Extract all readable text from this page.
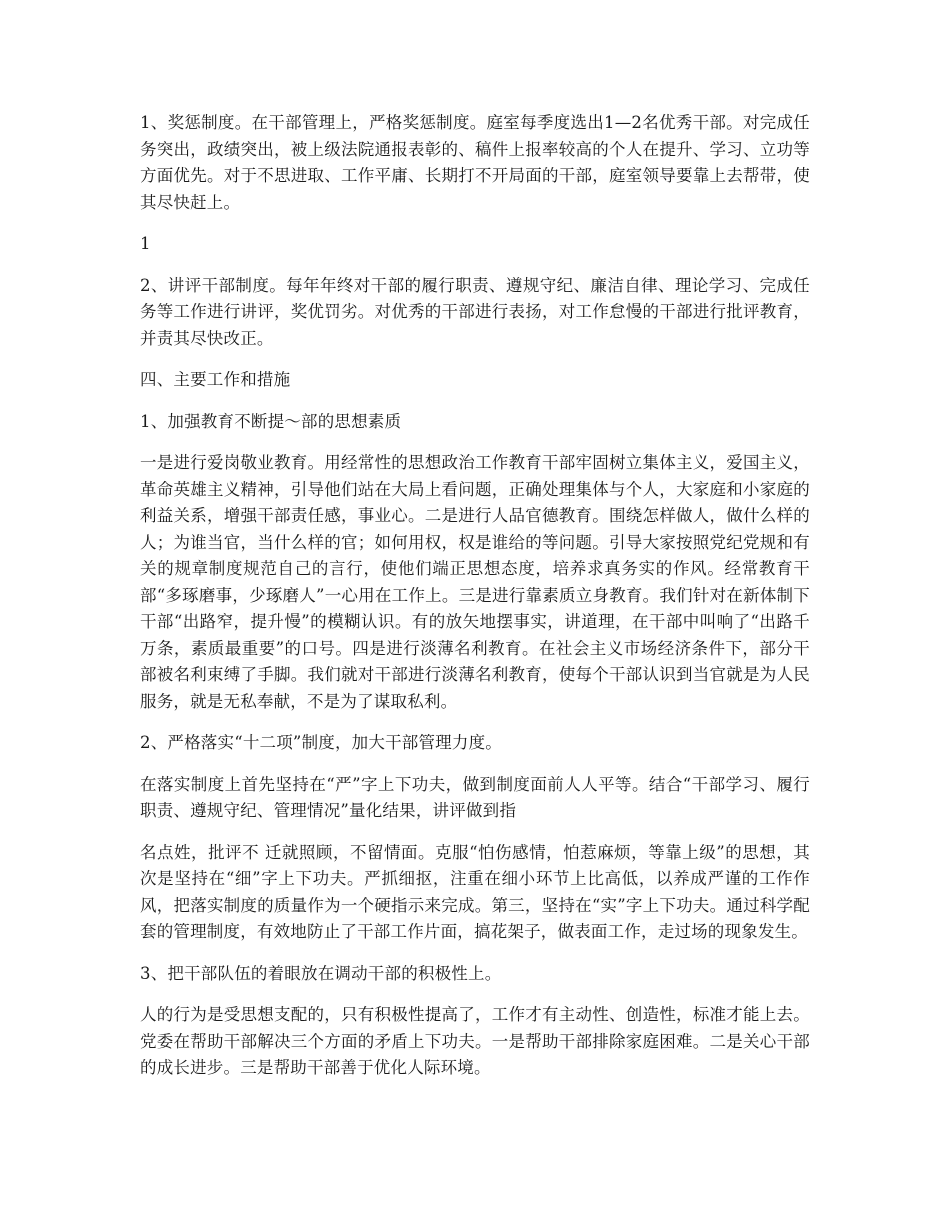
1、奖惩制度。在干部管理上，严格奖惩制度。庭室每季度选出1—2名优秀干部。对完成任务突出，政绩突出，被上级法院通报表彰的、稿件上报率较高的个人在提升、学习、立功等方面优先。对于不思进取、工作平庸、长期打不开局面的干部，庭室领导要靠上去帮带，使其尽快赶上。

1

2、讲评干部制度。每年年终对干部的履行职责、遵规守纪、廉洁自律、理论学习、完成任务等工作进行讲评，奖优罚劣。对优秀的干部进行表扬，对工作怠慢的干部进行批评教育，并责其尽快改正。

四、主要工作和措施

1、加强教育不断提～部的思想素质

一是进行爱岗敬业教育。用经常性的思想政治工作教育干部牢固树立集体主义，爱国主义，革命英雄主义精神，引导他们站在大局上看问题，正确处理集体与个人，大家庭和小家庭的利益关系，增强干部责任感，事业心。二是进行人品官德教育。围绕怎样做人，做什么样的人；为谁当官，当什么样的官；如何用权，权是谁给的等问题。引导大家按照党纪党规和有关的规章制度规范自己的言行，使他们端正思想态度，培养求真务实的作风。经常教育干部“多琢磨事，少琢磨人”一心用在工作上。三是进行靠素质立身教育。我们针对在新体制下干部“出路窄，提升慢”的模糊认识。有的放矢地摆事实，讲道理，在干部中叫响了“出路千万条，素质最重要”的口号。四是进行淡薄名利教育。在社会主义市场经济条件下，部分干部被名利束缚了手脚。我们就对干部进行淡薄名利教育，使每个干部认识到当官就是为人民服务，就是无私奉献，不是为了谋取私利。

2、严格落实“十二项”制度，加大干部管理力度。

在落实制度上首先坚持在“严”字上下功夫，做到制度面前人人平等。结合“干部学习、履行职责、遵规守纪、管理情况”量化结果，讲评做到指

名点姓，批评不 迁就照顾，不留情面。克服“怕伤感情，怕惹麻烦，等靠上级”的思想，其次是坚持在“细”字上下功夫。严抓细抠，注重在细小环节上比高低，以养成严谨的工作作风，把落实制度的质量作为一个硬指示来完成。第三，坚持在“实”字上下功夫。通过科学配套的管理制度，有效地防止了干部工作片面，搞花架子，做表面工作，走过场的现象发生。

3、把干部队伍的着眼放在调动干部的积极性上。

人的行为是受思想支配的，只有积极性提高了，工作才有主动性、创造性，标准才能上去。党委在帮助干部解决三个方面的矛盾上下功夫。一是帮助干部排除家庭困难。二是关心干部的成长进步。三是帮助干部善于优化人际环境。
